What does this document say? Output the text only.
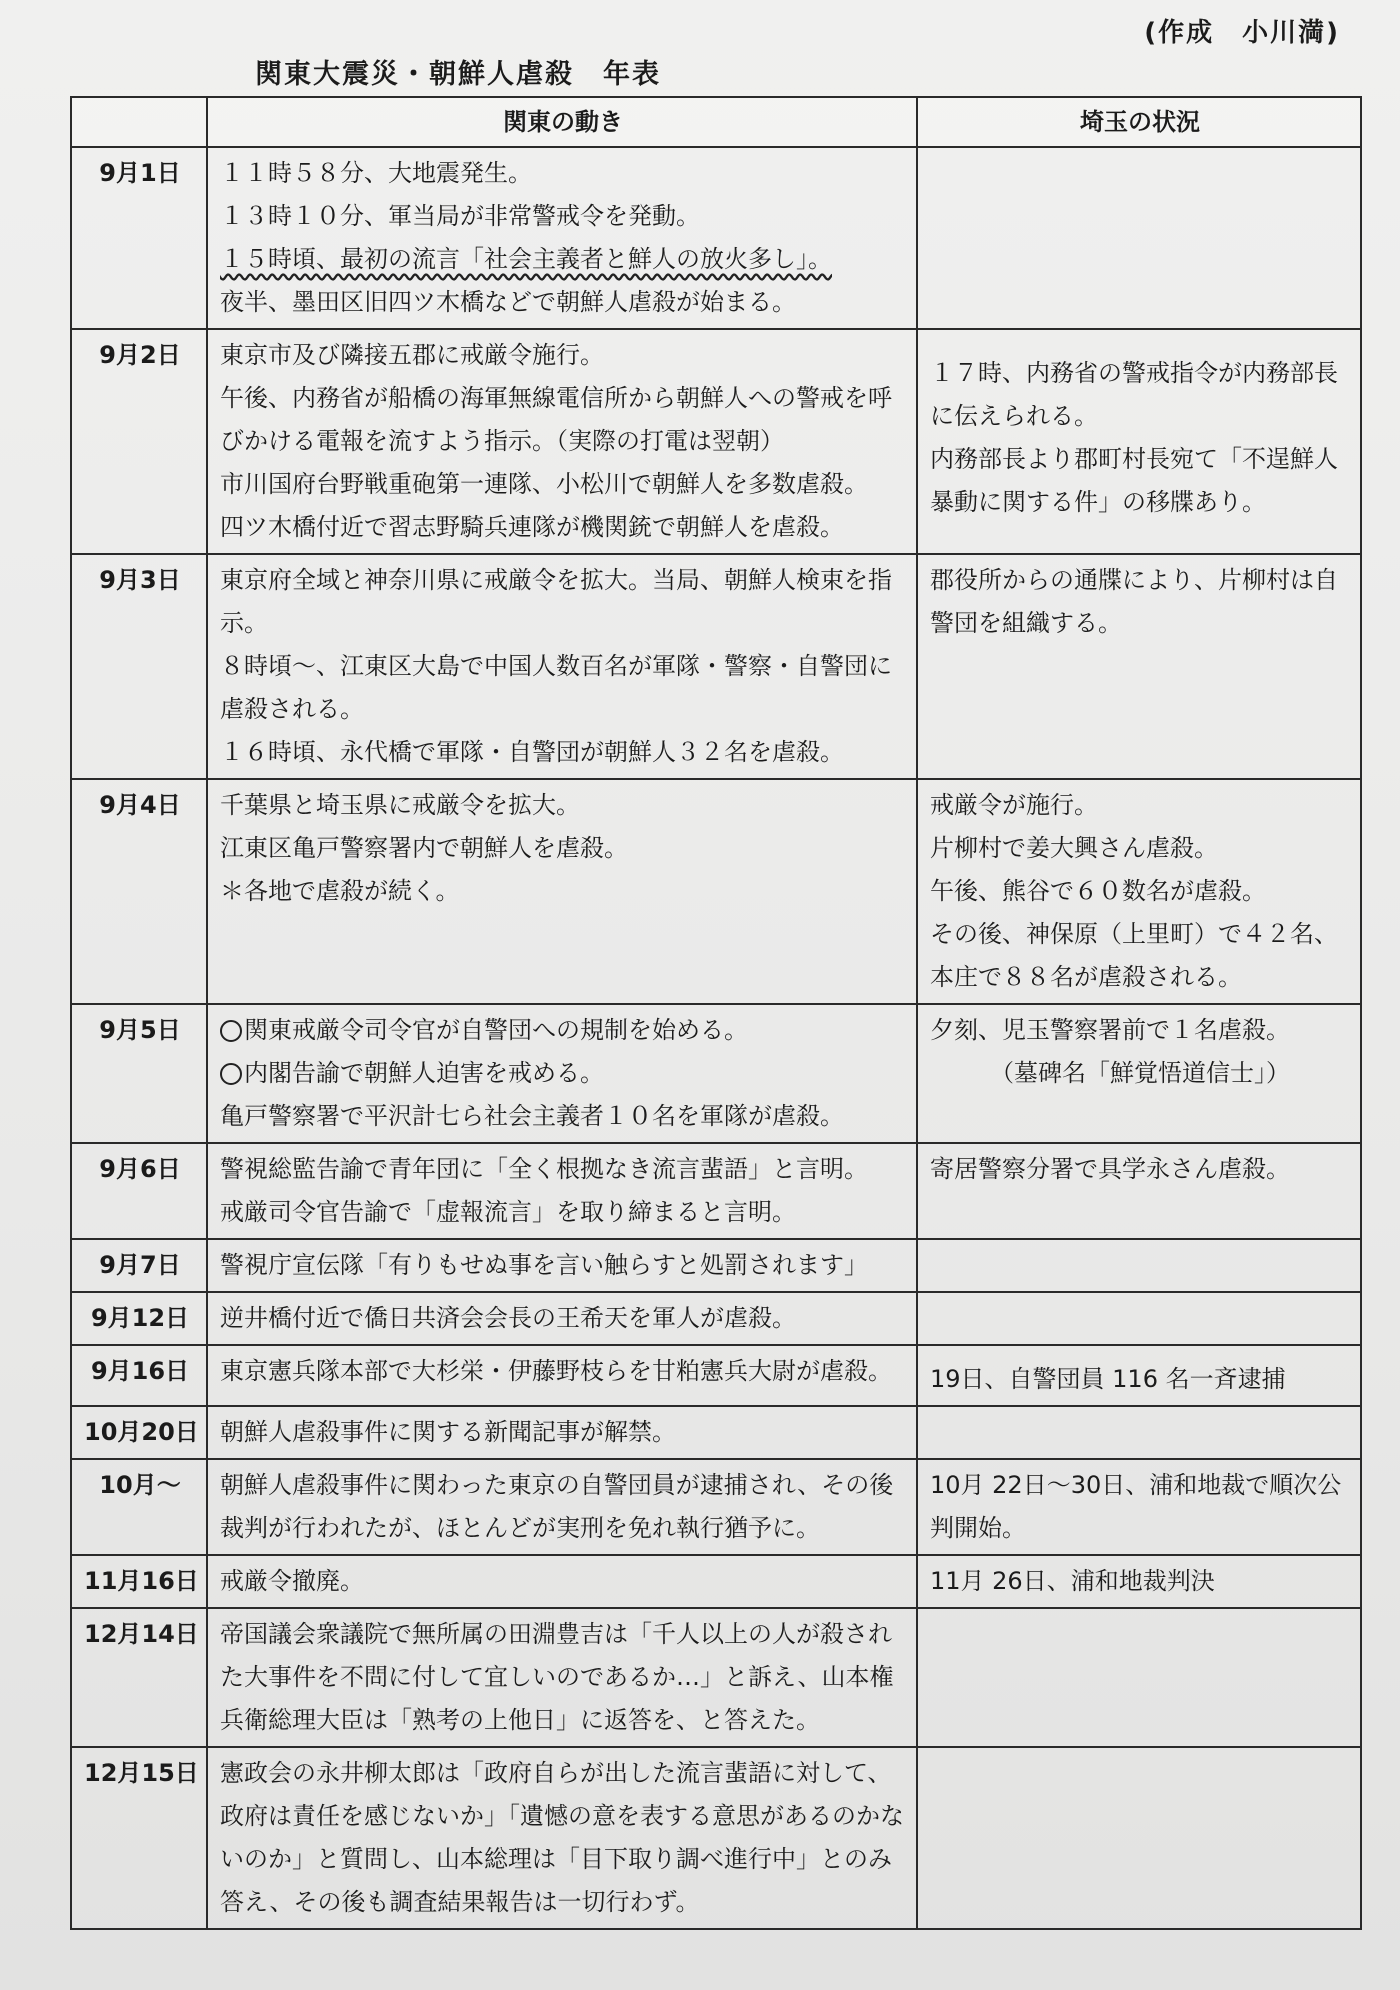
(作成　小川満)
関東大震災・朝鮮人虐殺　年表
	関東の動き	埼玉の状況
9月1日	１１時５８分、大地震発生。
１３時１０分、軍当局が非常警戒令を発動。
１５時頃、最初の流言「社会主義者と鮮人の放火多し」。
夜半、墨田区旧四ツ木橋などで朝鮮人虐殺が始まる。	

9月2日	東京市及び隣接五郡に戒厳令施行。
午後、内務省が船橋の海軍無線電信所から朝鮮人への警戒を呼びかける電報を流すよう指示。（実際の打電は翌朝）
市川国府台野戦重砲第一連隊、小松川で朝鮮人を多数虐殺。
四ツ木橋付近で習志野騎兵連隊が機関銃で朝鮮人を虐殺。	１７時、内務省の警戒指令が内務部長に伝えられる。
内務部長より郡町村長宛て「不逞鮮人暴動に関する件」の移牒あり。

9月3日	東京府全域と神奈川県に戒厳令を拡大。当局、朝鮮人検束を指示。
８時頃～、江東区大島で中国人数百名が軍隊・警察・自警団に虐殺される。
１６時頃、永代橋で軍隊・自警団が朝鮮人３２名を虐殺。	郡役所からの通牒により、片柳村は自警団を組織する。

9月4日	千葉県と埼玉県に戒厳令を拡大。
江東区亀戸警察署内で朝鮮人を虐殺。
＊各地で虐殺が続く。	戒厳令が施行。
片柳村で姜大興さん虐殺。
午後、熊谷で６０数名が虐殺。
その後、神保原（上里町）で４２名、本庄で８８名が虐殺される。

9月5日	関東戒厳令司令官が自警団への規制を始める。
内閣告諭で朝鮮人迫害を戒める。
亀戸警察署で平沢計七ら社会主義者１０名を軍隊が虐殺。	夕刻、児玉警察署前で１名虐殺。
（墓碑名「鮮覚悟道信士」）

9月6日	警視総監告諭で青年団に「全く根拠なき流言蜚語」と言明。
戒厳司令官告諭で「虚報流言」を取り締まると言明。	寄居警察分署で具学永さん虐殺。

9月7日	警視庁宣伝隊「有りもせぬ事を言い触らすと処罰されます」	

9月12日	逆井橋付近で僑日共済会会長の王希天を軍人が虐殺。	

9月16日	東京憲兵隊本部で大杉栄・伊藤野枝らを甘粕憲兵大尉が虐殺。	19日、自警団員 116 名一斉逮捕

10月20日	朝鮮人虐殺事件に関する新聞記事が解禁。	

10月～	朝鮮人虐殺事件に関わった東京の自警団員が逮捕され、その後裁判が行われたが、ほとんどが実刑を免れ執行猶予に。	10月 22日～30日、浦和地裁で順次公判開始。

11月16日	戒厳令撤廃。	11月 26日、浦和地裁判決

12月14日	帝国議会衆議院で無所属の田淵豊吉は「千人以上の人が殺された大事件を不問に付して宜しいのであるか…」と訴え、山本権兵衛総理大臣は「熟考の上他日」に返答を、と答えた。	

12月15日	憲政会の永井柳太郎は「政府自らが出した流言蜚語に対して、政府は責任を感じないか」「遺憾の意を表する意思があるのかないのか」と質問し、山本総理は「目下取り調べ進行中」とのみ答え、その後も調査結果報告は一切行わず。	
